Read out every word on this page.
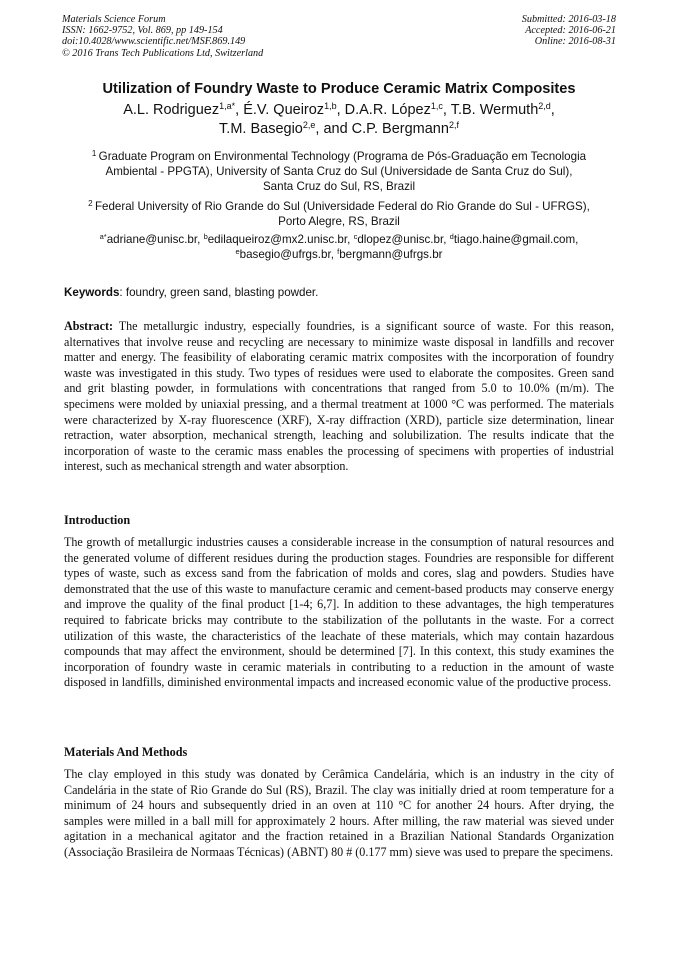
Materials Science Forum
ISSN: 1662-9752, Vol. 869, pp 149-154
doi:10.4028/www.scientific.net/MSF.869.149
© 2016 Trans Tech Publications Ltd, Switzerland
Submitted: 2016-03-18
Accepted: 2016-06-21
Online: 2016-08-31
Utilization of Foundry Waste to Produce Ceramic Matrix Composites
A.L. Rodriguez$^{1,a*}$, É.V. Queiroz$^{1,b}$, D.A.R. López$^{1,c}$, T.B. Wermuth$^{2,d}$,
T.M. Basegio$^{2,e}$, and C.P. Bergmann$^{2,f}$
$^1$  Graduate Program on Environmental Technology (Programa de Pós-Graduação em Tecnologia
Ambiental - PPGTA), University of Santa Cruz do Sul (Universidade de Santa Cruz do Sul),
Santa Cruz do Sul, RS, Brazil
$^2$  Federal University of Rio Grande do Sul (Universidade Federal do Rio Grande do Sul - UFRGS),
Porto Alegre, RS, Brazil
$^{a*}$adriane@unisc.br, $^b$edilaqueiroz@mx2.unisc.br, $^c$dlopez@unisc.br, $^d$tiago.haine@gmail.com,
$^e$basegio@ufrgs.br, $^f$bergmann@ufrgs.br
Keywords: foundry, green sand, blasting powder.
Abstract: The metallurgic industry, especially foundries, is a significant source of waste. For this reason, alternatives that involve reuse and recycling are necessary to minimize waste disposal in landfills and recover matter and energy. The feasibility of elaborating ceramic matrix composites with the incorporation of foundry waste was investigated in this study. Two types of residues were used to elaborate the composites. Green sand and grit blasting powder, in formulations with concentrations that ranged from 5.0 to 10.0% (m/m). The specimens were molded by uniaxial pressing, and a thermal treatment at 1000 °C was performed. The materials were characterized by X-ray fluorescence (XRF), X-ray diffraction (XRD), particle size determination, linear retraction, water absorption, mechanical strength, leaching and solubilization. The results indicate that the incorporation of waste to the ceramic mass enables the processing of specimens with properties of industrial interest, such as mechanical strength and water absorption.
Introduction
The growth of metallurgic industries causes a considerable increase in the consumption of natural resources and the generated volume of different residues during the production stages. Foundries are responsible for different types of waste, such as excess sand from the fabrication of molds and cores, slag and powders. Studies have demonstrated that the use of this waste to manufacture ceramic and cement-based products may conserve energy and improve the quality of the final product [1-4; 6,7]. In addition to these advantages, the high temperatures required to fabricate bricks may contribute to the stabilization of the pollutants in the waste. For a correct utilization of this waste, the characteristics of the leachate of these materials, which may contain hazardous compounds that may affect the environment, should be determined [7]. In this context, this study examines the incorporation of foundry waste in ceramic materials in contributing to a reduction in the amount of waste disposed in landfills, diminished environmental impacts and increased economic value of the productive process.
Materials And Methods
The clay employed in this study was donated by Cerâmica Candelária, which is an industry in the city of Candelária in the state of Rio Grande do Sul (RS), Brazil. The clay was initially dried at room temperature for a minimum of 24 hours and subsequently dried in an oven at 110 °C for another 24 hours. After drying, the samples were milled in a ball mill for approximately 2 hours. After milling, the raw material was sieved under agitation in a mechanical agitator and the fraction retained in a Brazilian National Standards Organization (Associação Brasileira de Normaas Técnicas) (ABNT) 80 # (0.177 mm) sieve was used to prepare the specimens.
